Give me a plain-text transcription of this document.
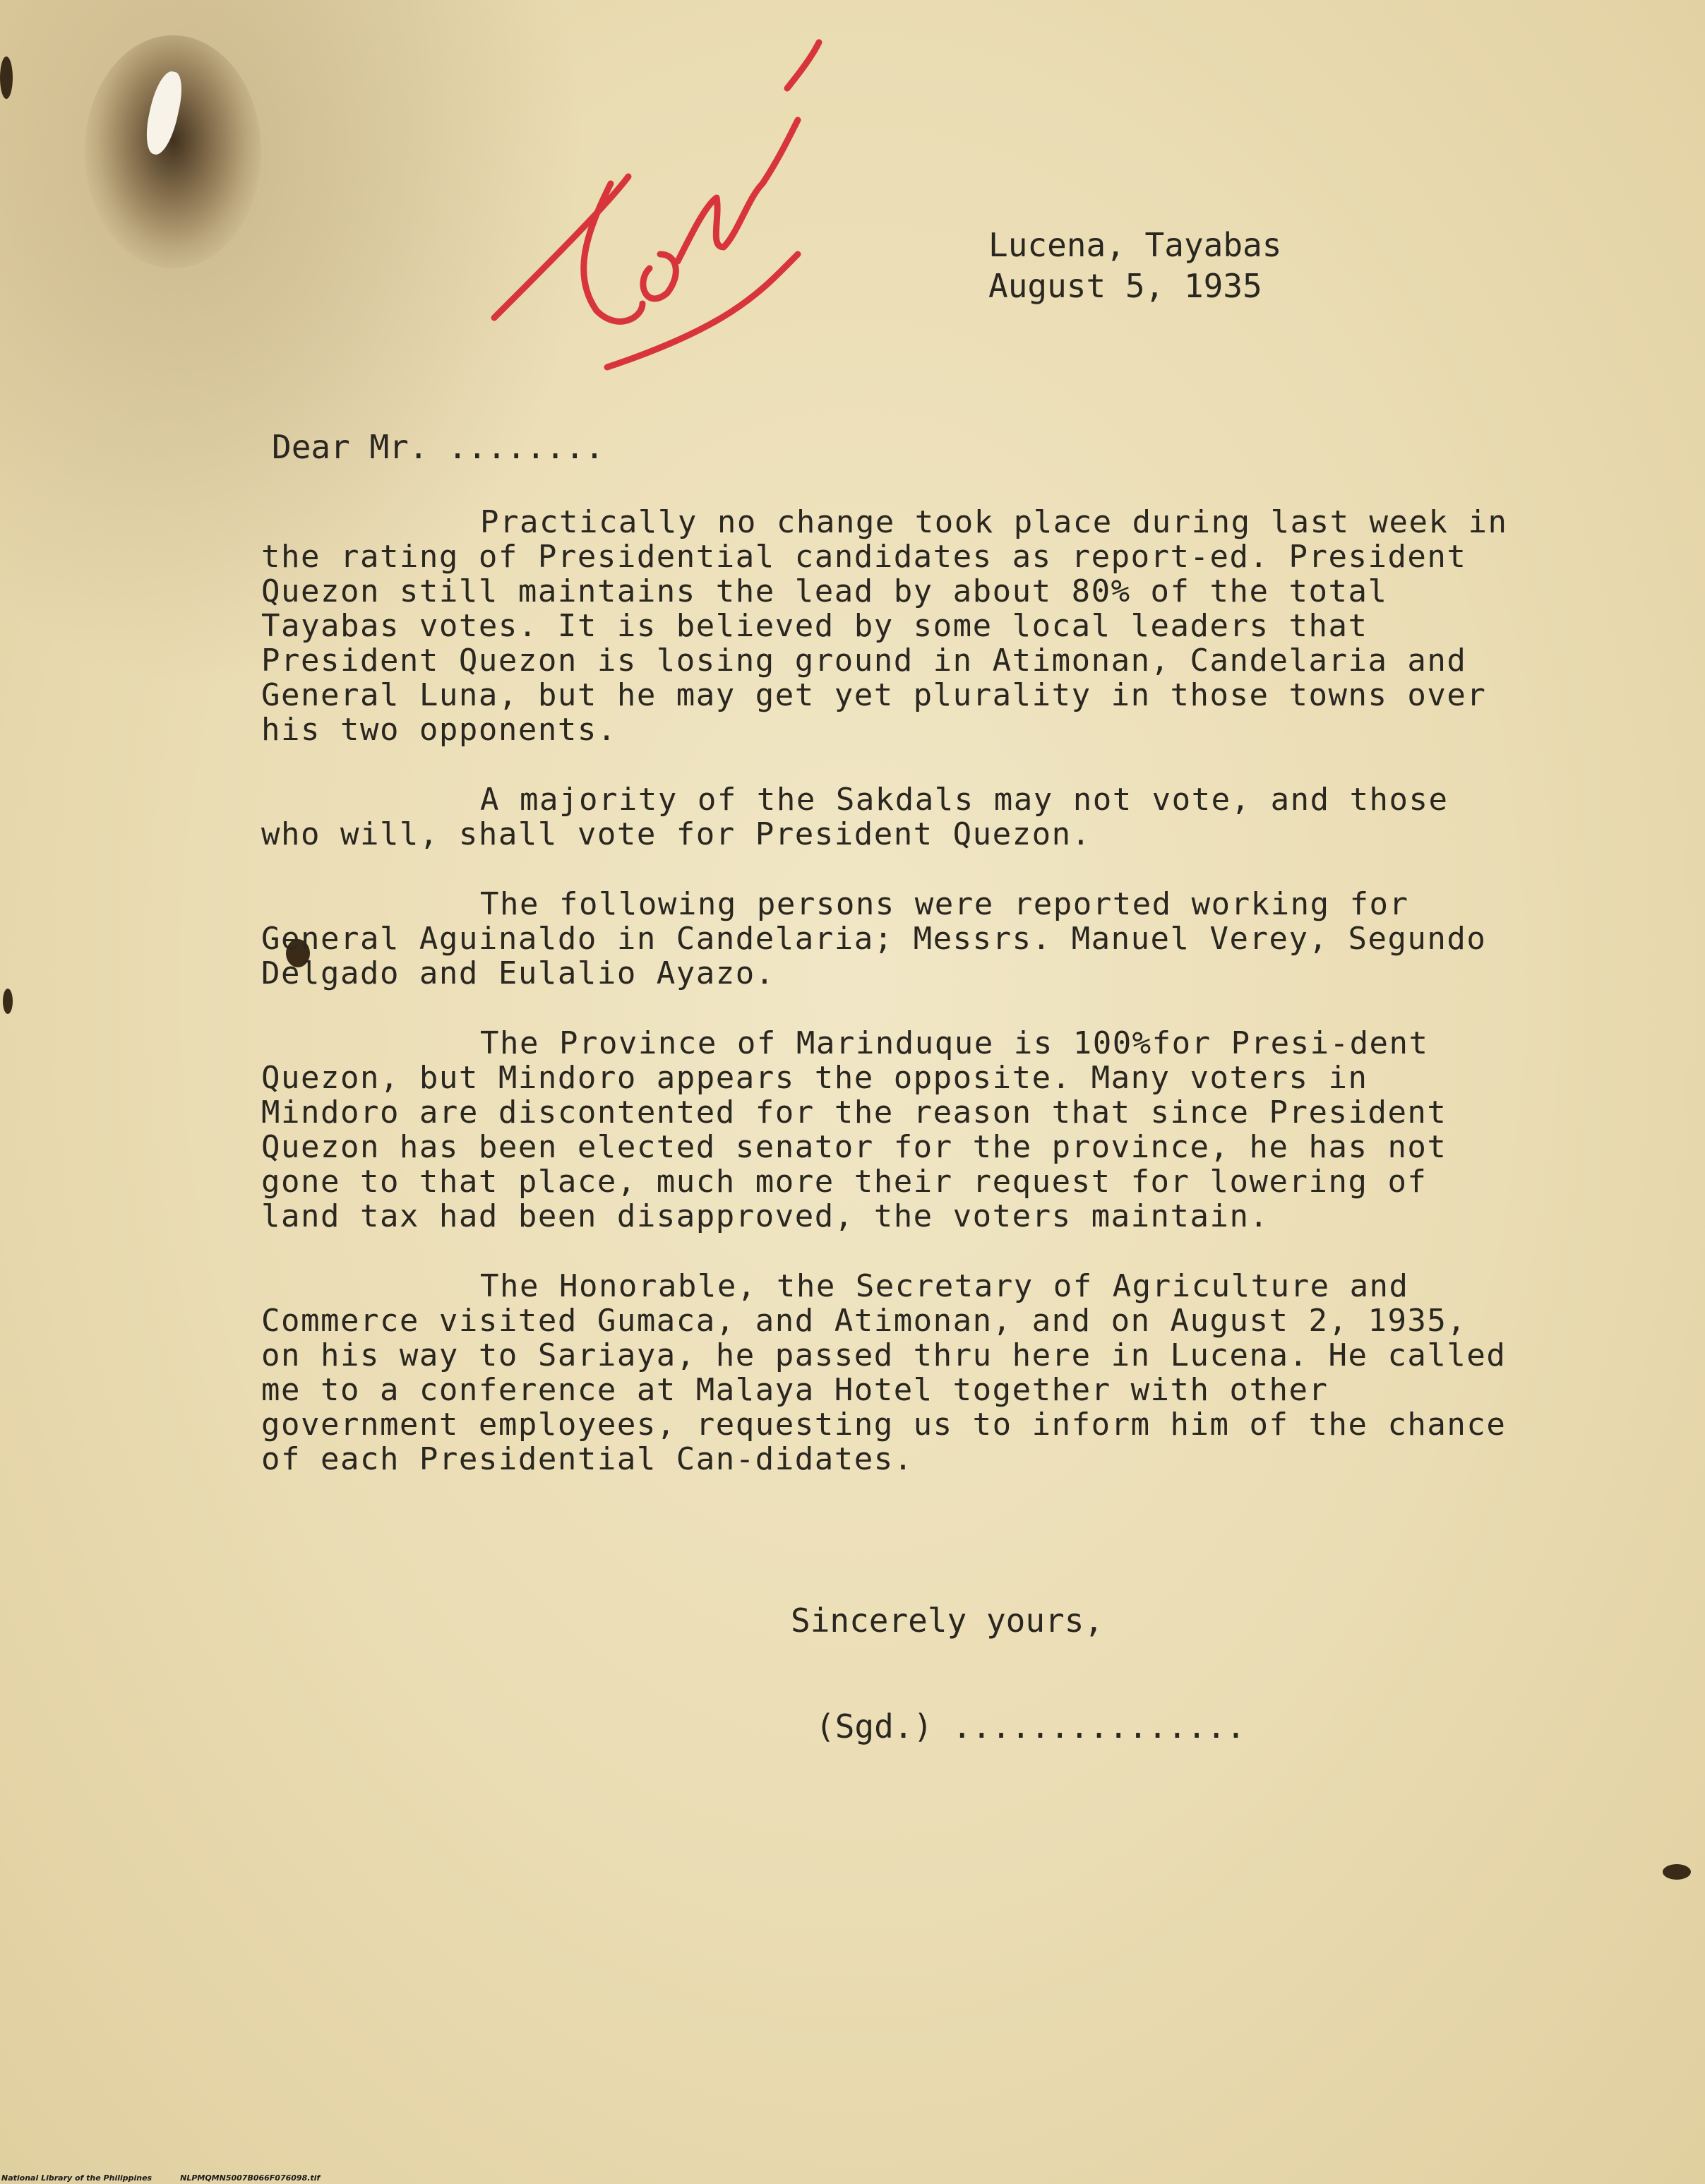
Lucena, Tayabas
August 5, 1935
Dear Mr. ........

Practically no change took place during last week in the rating of Presidential candidates as report-ed. President Quezon still maintains the lead by about 80% of the total Tayabas votes. It is believed by some local leaders that President Quezon is losing ground in Atimonan, Candelaria and General Luna, but he may get yet plurality in those towns over his two opponents.

A majority of the Sakdals may not vote, and those who will, shall vote for President Quezon.

The following persons were reported working for General Aguinaldo in Candelaria; Messrs. Manuel Verey, Segundo Delgado and Eulalio Ayazo.

The Province of Marinduque is 100%for Presi-dent Quezon, but Mindoro appears the opposite. Many voters in Mindoro are discontented for the reason that since President Quezon has been elected senator for the province, he has not gone to that place, much more their request for lowering of land tax had been disapproved, the voters maintain.

The Honorable, the Secretary of Agriculture and Commerce visited Gumaca, and Atimonan, and on August 2, 1935, on his way to Sariaya, he passed thru here in Lucena. He called me to a conference at Malaya Hotel together with other government employees, requesting us to inform him of the chance of each Presidential Can-didates.

Sincerely yours,
(Sgd.) ...............
National Library of the Philippines	NLPMQMN5007B066F076098.tif
